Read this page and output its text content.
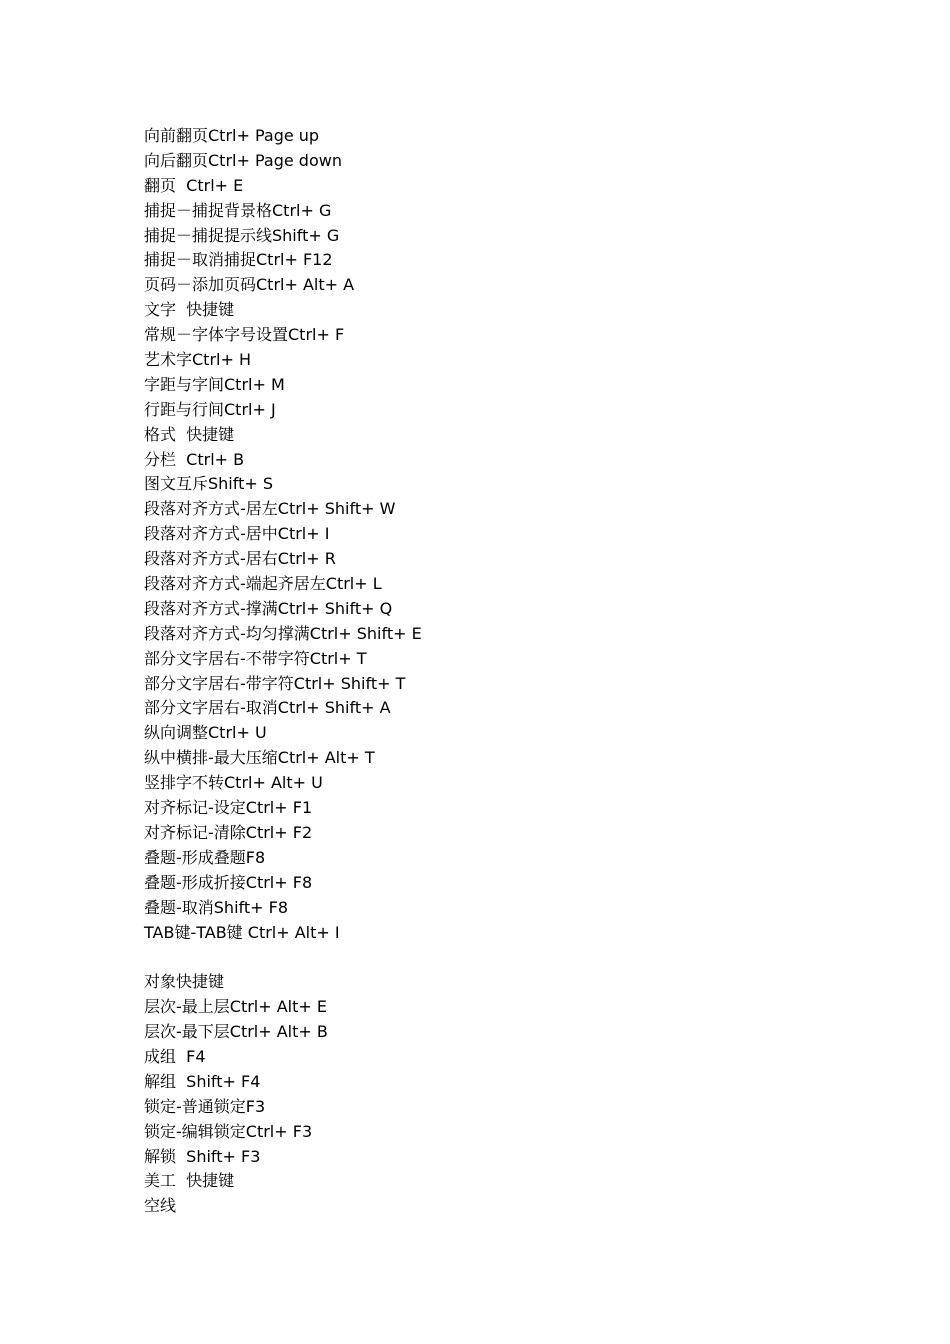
向前翻页Ctrl+ Page up
向后翻页Ctrl+ Page down
翻页  Ctrl+ E
捕捉－捕捉背景格Ctrl+ G
捕捉－捕捉提示线Shift+ G
捕捉－取消捕捉Ctrl+ F12
页码－添加页码Ctrl+ Alt+ A
文字  快捷键
常规－字体字号设置Ctrl+ F
艺术字Ctrl+ H
字距与字间Ctrl+ M
行距与行间Ctrl+ J
格式  快捷键
分栏  Ctrl+ B
图文互斥Shift+ S
段落对齐方式-居左Ctrl+ Shift+ W
段落对齐方式-居中Ctrl+ I
段落对齐方式-居右Ctrl+ R
段落对齐方式-端起齐居左Ctrl+ L
段落对齐方式-撑满Ctrl+ Shift+ Q
段落对齐方式-均匀撑满Ctrl+ Shift+ E
部分文字居右-不带字符Ctrl+ T
部分文字居右-带字符Ctrl+ Shift+ T
部分文字居右-取消Ctrl+ Shift+ A
纵向调整Ctrl+ U
纵中横排-最大压缩Ctrl+ Alt+ T
竖排字不转Ctrl+ Alt+ U
对齐标记-设定Ctrl+ F1
对齐标记-清除Ctrl+ F2
叠题-形成叠题F8
叠题-形成折接Ctrl+ F8
叠题-取消Shift+ F8
TAB键-TAB键 Ctrl+ Alt+ I
对象快捷键
层次-最上层Ctrl+ Alt+ E
层次-最下层Ctrl+ Alt+ B
成组  F4
解组  Shift+ F4
锁定-普通锁定F3
锁定-编辑锁定Ctrl+ F3
解锁  Shift+ F3
美工  快捷键
空线
